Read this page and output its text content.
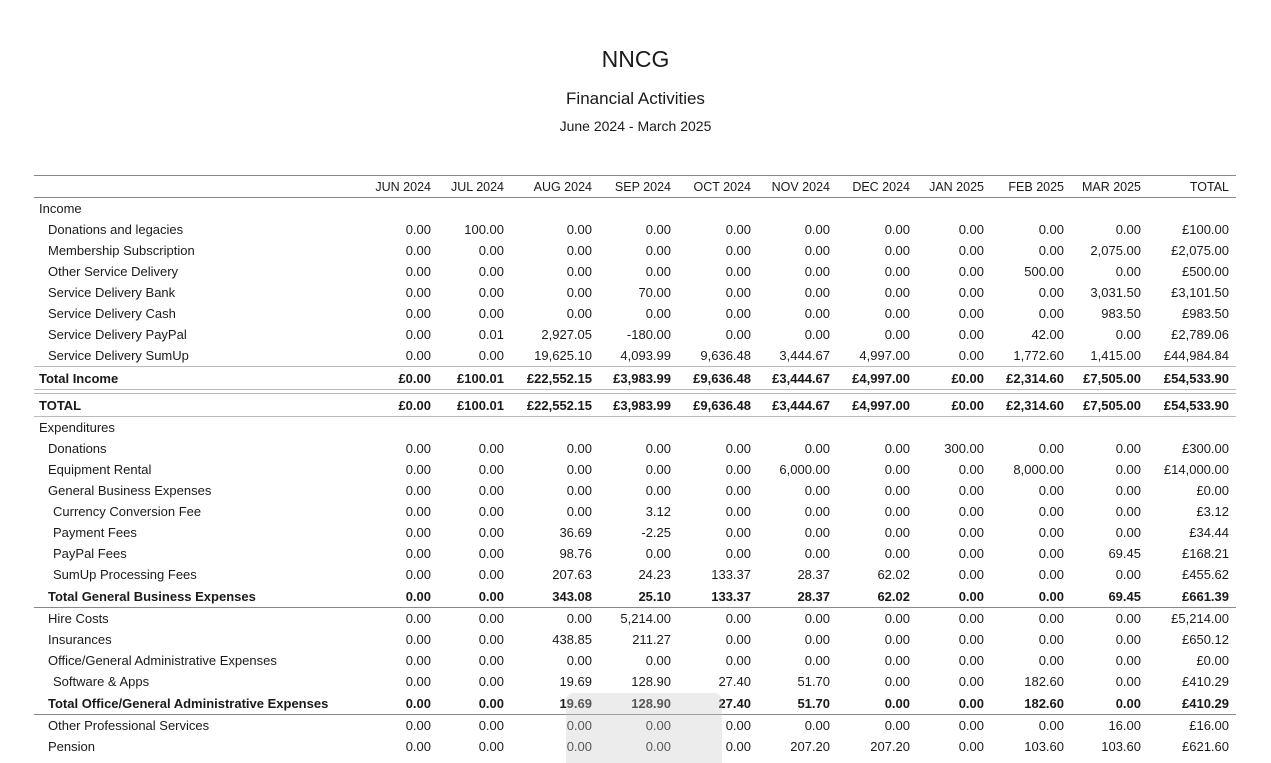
NNCG
Financial Activities
June 2024 - March 2025
JUN 2024	JUL 2024	AUG 2024	SEP 2024	OCT 2024	NOV 2024	DEC 2024	JAN 2025	FEB 2025	MAR 2025	TOTAL
Income
Donations and legacies	0.00	100.00	0.00	0.00	0.00	0.00	0.00	0.00	0.00	0.00	£100.00
Membership Subscription	0.00	0.00	0.00	0.00	0.00	0.00	0.00	0.00	0.00	2,075.00	£2,075.00
Other Service Delivery	0.00	0.00	0.00	0.00	0.00	0.00	0.00	0.00	500.00	0.00	£500.00
Service Delivery Bank	0.00	0.00	0.00	70.00	0.00	0.00	0.00	0.00	0.00	3,031.50	£3,101.50
Service Delivery Cash	0.00	0.00	0.00	0.00	0.00	0.00	0.00	0.00	0.00	983.50	£983.50
Service Delivery PayPal	0.00	0.01	2,927.05	-180.00	0.00	0.00	0.00	0.00	42.00	0.00	£2,789.06
Service Delivery SumUp	0.00	0.00	19,625.10	4,093.99	9,636.48	3,444.67	4,997.00	0.00	1,772.60	1,415.00	£44,984.84
Total Income	£0.00	£100.01	£22,552.15	£3,983.99	£9,636.48	£3,444.67	£4,997.00	£0.00	£2,314.60	£7,505.00	£54,533.90
TOTAL	£0.00	£100.01	£22,552.15	£3,983.99	£9,636.48	£3,444.67	£4,997.00	£0.00	£2,314.60	£7,505.00	£54,533.90
Expenditures
Donations	0.00	0.00	0.00	0.00	0.00	0.00	0.00	300.00	0.00	0.00	£300.00
Equipment Rental	0.00	0.00	0.00	0.00	0.00	6,000.00	0.00	0.00	8,000.00	0.00	£14,000.00
General Business Expenses	0.00	0.00	0.00	0.00	0.00	0.00	0.00	0.00	0.00	0.00	£0.00
Currency Conversion Fee	0.00	0.00	0.00	3.12	0.00	0.00	0.00	0.00	0.00	0.00	£3.12
Payment Fees	0.00	0.00	36.69	-2.25	0.00	0.00	0.00	0.00	0.00	0.00	£34.44
PayPal Fees	0.00	0.00	98.76	0.00	0.00	0.00	0.00	0.00	0.00	69.45	£168.21
SumUp Processing Fees	0.00	0.00	207.63	24.23	133.37	28.37	62.02	0.00	0.00	0.00	£455.62
Total General Business Expenses	0.00	0.00	343.08	25.10	133.37	28.37	62.02	0.00	0.00	69.45	£661.39
Hire Costs	0.00	0.00	0.00	5,214.00	0.00	0.00	0.00	0.00	0.00	0.00	£5,214.00
Insurances	0.00	0.00	438.85	211.27	0.00	0.00	0.00	0.00	0.00	0.00	£650.12
Office/General Administrative Expenses	0.00	0.00	0.00	0.00	0.00	0.00	0.00	0.00	0.00	0.00	£0.00
Software & Apps	0.00	0.00	19.69	128.90	27.40	51.70	0.00	0.00	182.60	0.00	£410.29
Total Office/General Administrative Expenses	0.00	0.00	19.69	128.90	27.40	51.70	0.00	0.00	182.60	0.00	£410.29
Other Professional Services	0.00	0.00	0.00	0.00	0.00	0.00	0.00	0.00	0.00	16.00	£16.00
Pension	0.00	0.00	0.00	0.00	0.00	207.20	207.20	0.00	103.60	103.60	£621.60
